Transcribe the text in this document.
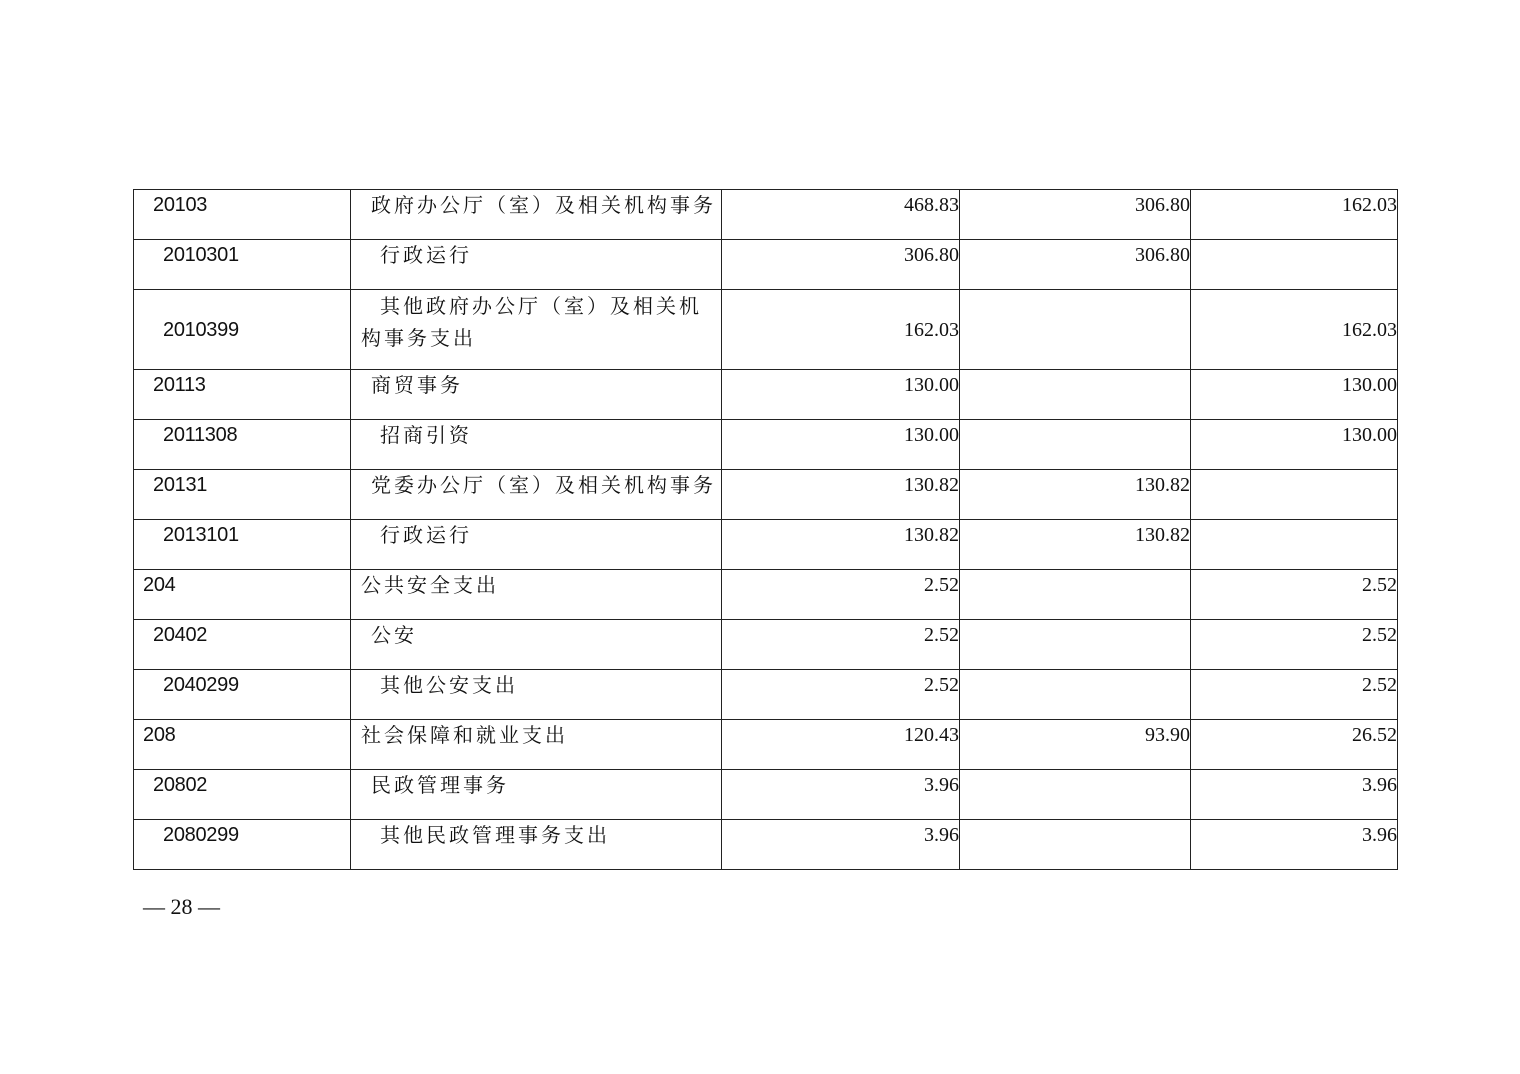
20103	政府办公厅（室）及相关机构事务	468.83	306.80	162.03
2010301	行政运行	306.80	306.80	
2010399	其他政府办公厅（室）及相关机构事务支出	162.03		162.03
20113	商贸事务	130.00		130.00
2011308	招商引资	130.00		130.00
20131	党委办公厅（室）及相关机构事务	130.82	130.82	
2013101	行政运行	130.82	130.82	
204	公共安全支出	2.52		2.52
20402	公安	2.52		2.52
2040299	其他公安支出	2.52		2.52
208	社会保障和就业支出	120.43	93.90	26.52
20802	民政管理事务	3.96		3.96
2080299	其他民政管理事务支出	3.96		3.96
— 28 —
